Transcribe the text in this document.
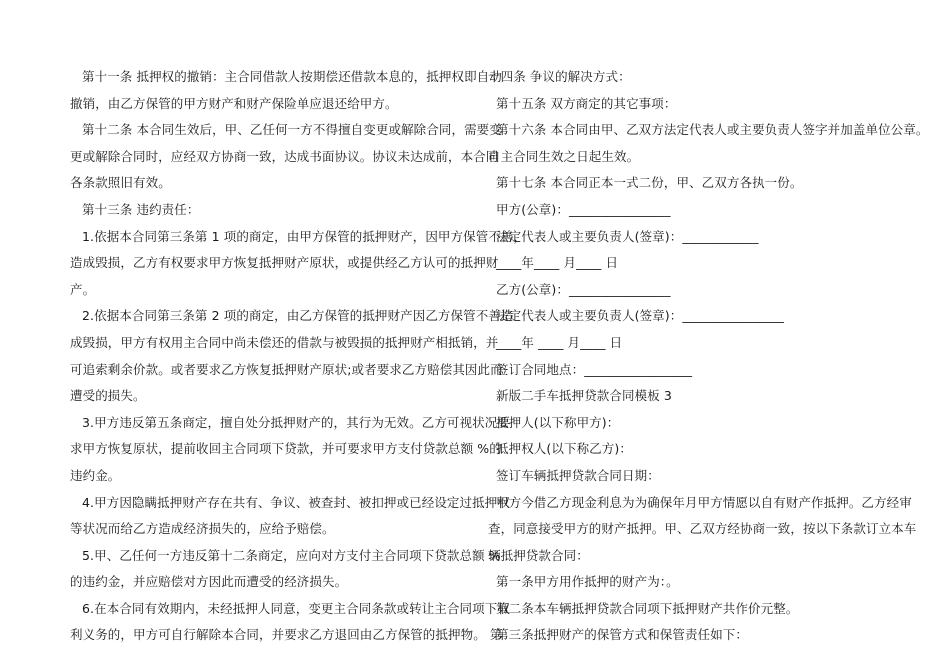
第十一条 抵押权的撤销：主合同借款人按期偿还借款本息的，抵押权即自动
撤销，由乙方保管的甲方财产和财产保险单应退还给甲方。
第十二条 本合同生效后，甲、乙任何一方不得擅自变更或解除合同，需要变
更或解除合同时，应经双方协商一致，达成书面协议。协议未达成前，本合同
各条款照旧有效。
第十三条 违约责任：
1.依据本合同第三条第 1 项的商定，由甲方保管的抵押财产，因甲方保管不善，
造成毁损，乙方有权要求甲方恢复抵押财产原状，或提供经乙方认可的抵押财
产。
2.依据本合同第三条第 2 项的商定，由乙方保管的抵押财产因乙方保管不善造
成毁损，甲方有权用主合同中尚未偿还的借款与被毁损的抵押财产相抵销，并
可追索剩余价款。或者要求乙方恢复抵押财产原状;或者要求乙方赔偿其因此而
遭受的损失。
3.甲方违反第五条商定，擅自处分抵押财产的，其行为无效。乙方可视状况要
求甲方恢复原状，提前收回主合同项下贷款，并可要求甲方支付贷款总额 %的
违约金。
4.甲方因隐瞒抵押财产存在共有、争议、被查封、被扣押或已经设定过抵押权
等状况而给乙方造成经济损失的，应给予赔偿。
5.甲、乙任何一方违反第十二条商定，应向对方支付主合同项下贷款总额 %
的违约金，并应赔偿对方因此而遭受的经济损失。
6.在本合同有效期内，未经抵押人同意，变更主合同条款或转让主合同项下权
利义务的，甲方可自行解除本合同，并要求乙方退回由乙方保管的抵押物。 第
十四条 争议的解决方式：
第十五条 双方商定的其它事项：
第十六条 本合同由甲、乙双方法定代表人或主要负责人签字并加盖单位公章。
自主合同生效之日起生效。
第十七条 本合同正本一式二份，甲、乙双方各执一份。
甲方(公章)：________________
法定代表人或主要负责人(签章)：____________
____年____ 月____ 日
乙方(公章)：________________
法定代表人或主要负责人(签章)：________________
____年 ____ 月____ 日
签订合同地点：_________________
新版二手车抵押贷款合同模板 3
抵押人(以下称甲方)：
抵押权人(以下称乙方)：
签订车辆抵押贷款合同日期：
甲方今借乙方现金利息为为确保年月甲方情愿以自有财产作抵押。乙方经审
查，同意接受甲方的财产抵押。甲、乙双方经协商一致，按以下条款订立本车
辆抵押贷款合同：
第一条甲方用作抵押的财产为：。
第二条本车辆抵押贷款合同项下抵押财产共作价元整。
第三条抵押财产的保管方式和保管责任如下：
